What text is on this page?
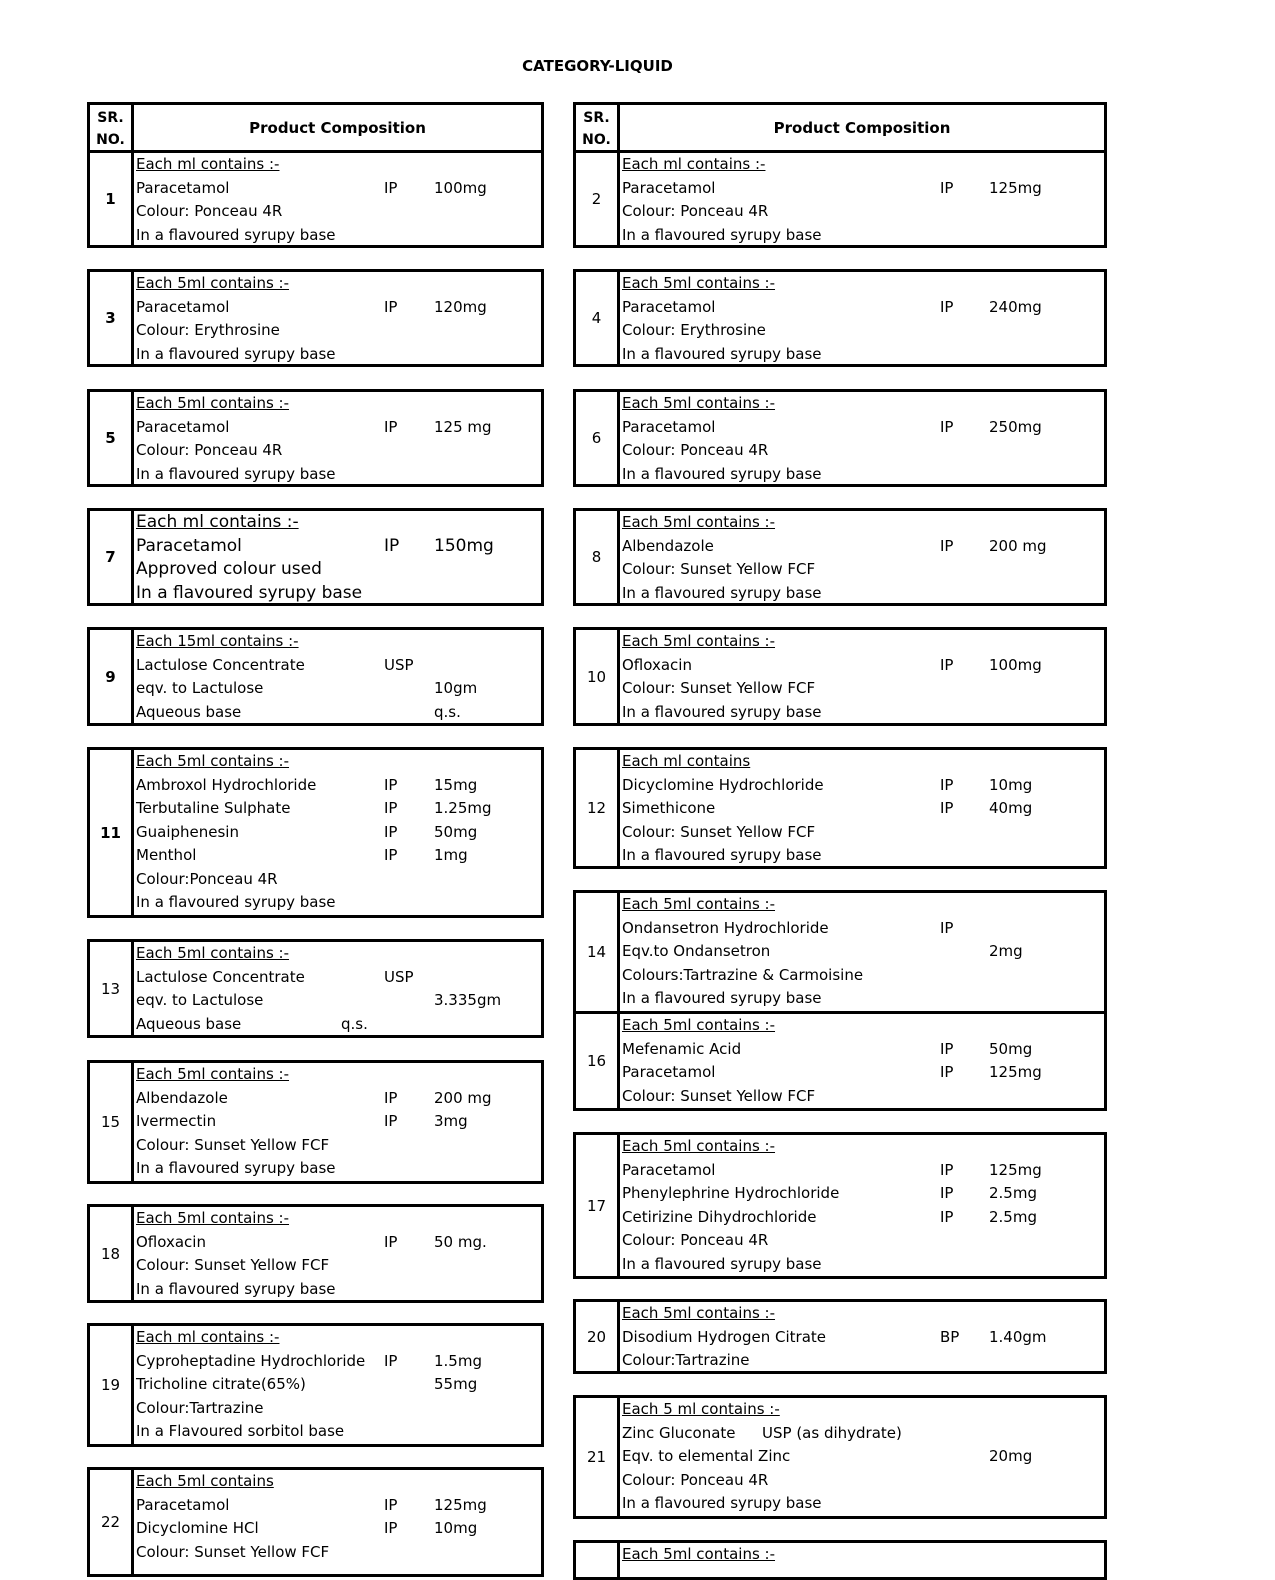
CATEGORY-LIQUID
SR.
NO.
Product Composition
SR.
NO.
Product Composition
1
Each ml contains :-
Paracetamol	IP 100mg
Colour: Ponceau 4R
In a flavoured syrupy base
3
Each 5ml contains :-
Paracetamol	IP 120mg
Colour: Erythrosine
In a flavoured syrupy base
5
Each 5ml contains :-
Paracetamol	IP 125 mg
Colour: Ponceau 4R
In a flavoured syrupy base
7
Each ml contains :-
Paracetamol	IP 150mg
Approved colour used
In a flavoured syrupy base
9
Each 15ml contains :-
Lactulose Concentrate	USP
eqv. to Lactulose	10gm
Aqueous base	q.s.
11
Each 5ml contains :-
Ambroxol Hydrochloride	IP 15mg
Terbutaline Sulphate	IP 1.25mg
Guaiphenesin	IP 50mg
Menthol	IP 1mg
Colour:Ponceau 4R
In a flavoured syrupy base
13
Each 5ml contains :-
Lactulose Concentrate	USP
eqv. to Lactulose	3.335gm
Aqueous base	q.s.
15
Each 5ml contains :-
Albendazole	IP 200 mg
Ivermectin	IP 3mg
Colour: Sunset Yellow FCF
In a flavoured syrupy base
18
Each 5ml contains :-
Ofloxacin	IP 50 mg.
Colour: Sunset Yellow FCF
In a flavoured syrupy base
19
Each ml contains :-
Cyproheptadine Hydrochloride IP 1.5mg
Tricholine citrate(65%)	55mg
Colour:Tartrazine
In a Flavoured sorbitol base
22
Each 5ml contains
Paracetamol	IP 125mg
Dicyclomine HCl	IP 10mg
Colour: Sunset Yellow FCF
2
Each ml contains :-
Paracetamol	IP 125mg
Colour: Ponceau 4R
In a flavoured syrupy base
4
Each 5ml contains :-
Paracetamol	IP 240mg
Colour: Erythrosine
In a flavoured syrupy base
6
Each 5ml contains :-
Paracetamol	IP 250mg
Colour: Ponceau 4R
In a flavoured syrupy base
8
Each 5ml contains :-
Albendazole	IP 200 mg
Colour: Sunset Yellow FCF
In a flavoured syrupy base
10
Each 5ml contains :-
Ofloxacin	IP 100mg
Colour: Sunset Yellow FCF
In a flavoured syrupy base
12
Each ml contains
Dicyclomine Hydrochloride	IP 10mg
Simethicone	IP 40mg
Colour: Sunset Yellow FCF
In a flavoured syrupy base
14
Each 5ml contains :-
Ondansetron Hydrochloride	IP
Eqv.to Ondansetron	2mg
Colours:Tartrazine & Carmoisine
In a flavoured syrupy base
16
Each 5ml contains :-
Mefenamic Acid	IP 50mg
Paracetamol	IP 125mg
Colour: Sunset Yellow FCF
17
Each 5ml contains :-
Paracetamol	IP 125mg
Phenylephrine Hydrochloride	IP 2.5mg
Cetirizine Dihydrochloride	IP 2.5mg
Colour: Ponceau 4R
In a flavoured syrupy base
20
Each 5ml contains :-
Disodium Hydrogen Citrate	BP 1.40gm
Colour:Tartrazine
21
Each 5 ml contains :-
Zinc Gluconate USP (as dihydrate)
Eqv. to elemental Zinc	20mg
Colour: Ponceau 4R
In a flavoured syrupy base
Each 5ml contains :-
